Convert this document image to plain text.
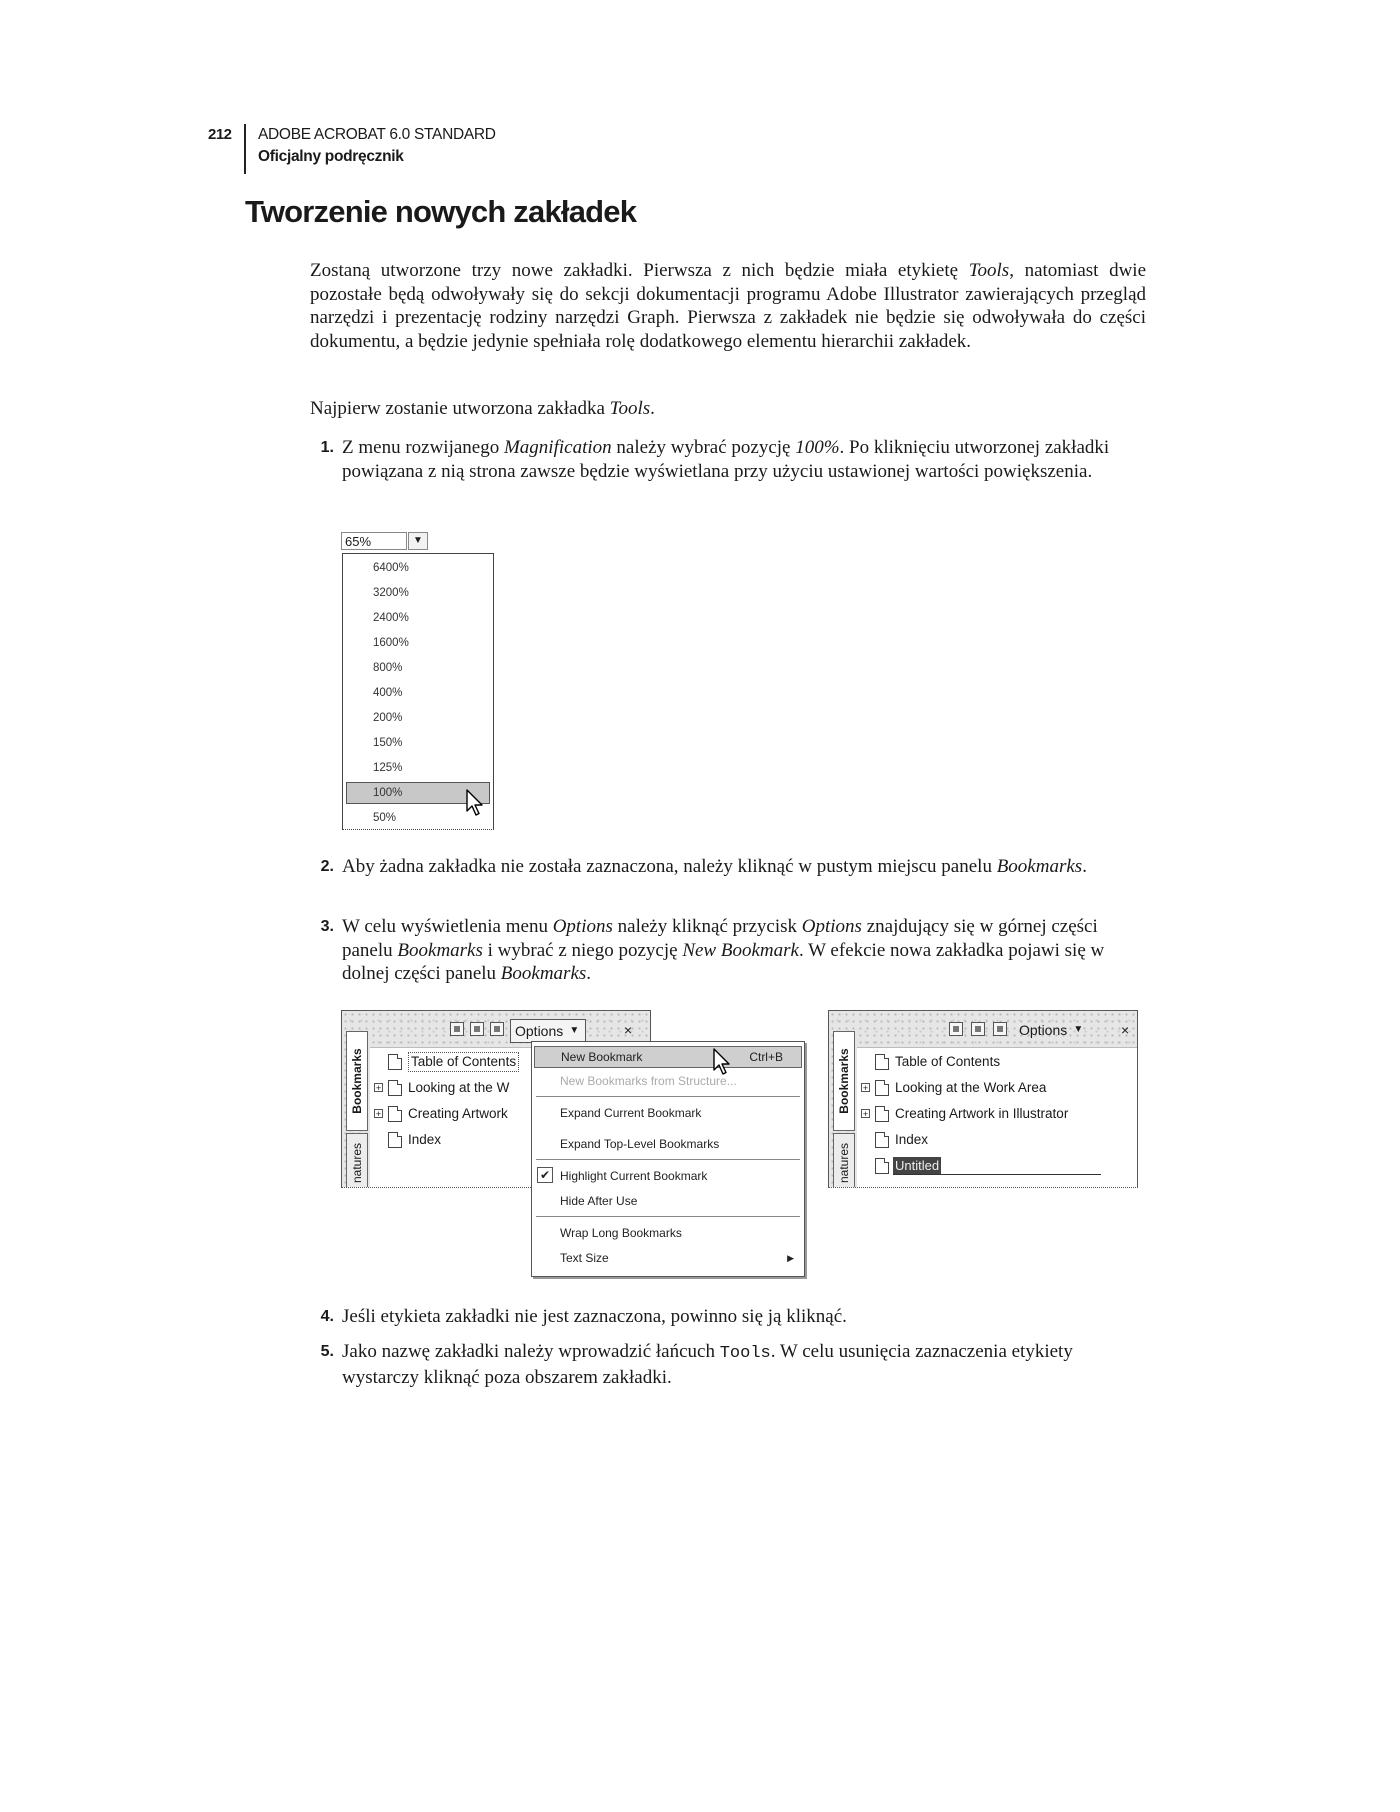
212 ADOBE ACROBAT 6.0 STANDARD
Oficjalny podręcznik
Tworzenie nowych zakładek

Zostaną utworzone trzy nowe zakładki. Pierwsza z nich będzie miała etykietę Tools, natomiast dwie pozostałe będą odwoływały się do sekcji dokumentacji programu Adobe Illustrator zawierających przegląd narzędzi i prezentację rodziny narzędzi Graph. Pierwsza z zakładek nie będzie się odwoływała do części dokumentu, a będzie jedynie spełniała rolę dodatkowego elementu hierarchii zakładek.

Najpierw zostanie utworzona zakładka Tools.

1. Z menu rozwijanego Magnification należy wybrać pozycję 100%. Po kliknięciu utworzonej zakładki powiązana z nią strona zawsze będzie wyświetlana przy użyciu ustawionej wartości powiększenia.
65%	▼
6400%
3200%
2400%
1600%
800%
400%
200%
150%
125%
100%
50%
2. Aby żadna zakładka nie została zaznaczona, należy kliknąć w pustym miejscu panelu Bookmarks.
3. W celu wyświetlenia menu Options należy kliknąć przycisk Options znajdujący się w górnej części panelu Bookmarks i wybrać z niego pozycję New Bookmark. W efekcie nowa zakładka pojawi się w dolnej części panelu Bookmarks.
Bookmarks
natures
Options ▼	×
Table of Contents
+ Looking at the W
+ Creating Artwork
Index
New Bookmark	Ctrl+B
New Bookmarks from Structure...
Expand Current Bookmark
Expand Top-Level Bookmarks
✔ Highlight Current Bookmark
Hide After Use
Wrap Long Bookmarks
Text Size	▶
Bookmarks
natures
Options ▼	×
Table of Contents
+ Looking at the Work Area
+ Creating Artwork in Illustrator
Index
Untitled
4. Jeśli etykieta zakładki nie jest zaznaczona, powinno się ją kliknąć.
5. Jako nazwę zakładki należy wprowadzić łańcuch Tools. W celu usunięcia zaznaczenia etykiety wystarczy kliknąć poza obszarem zakładki.
